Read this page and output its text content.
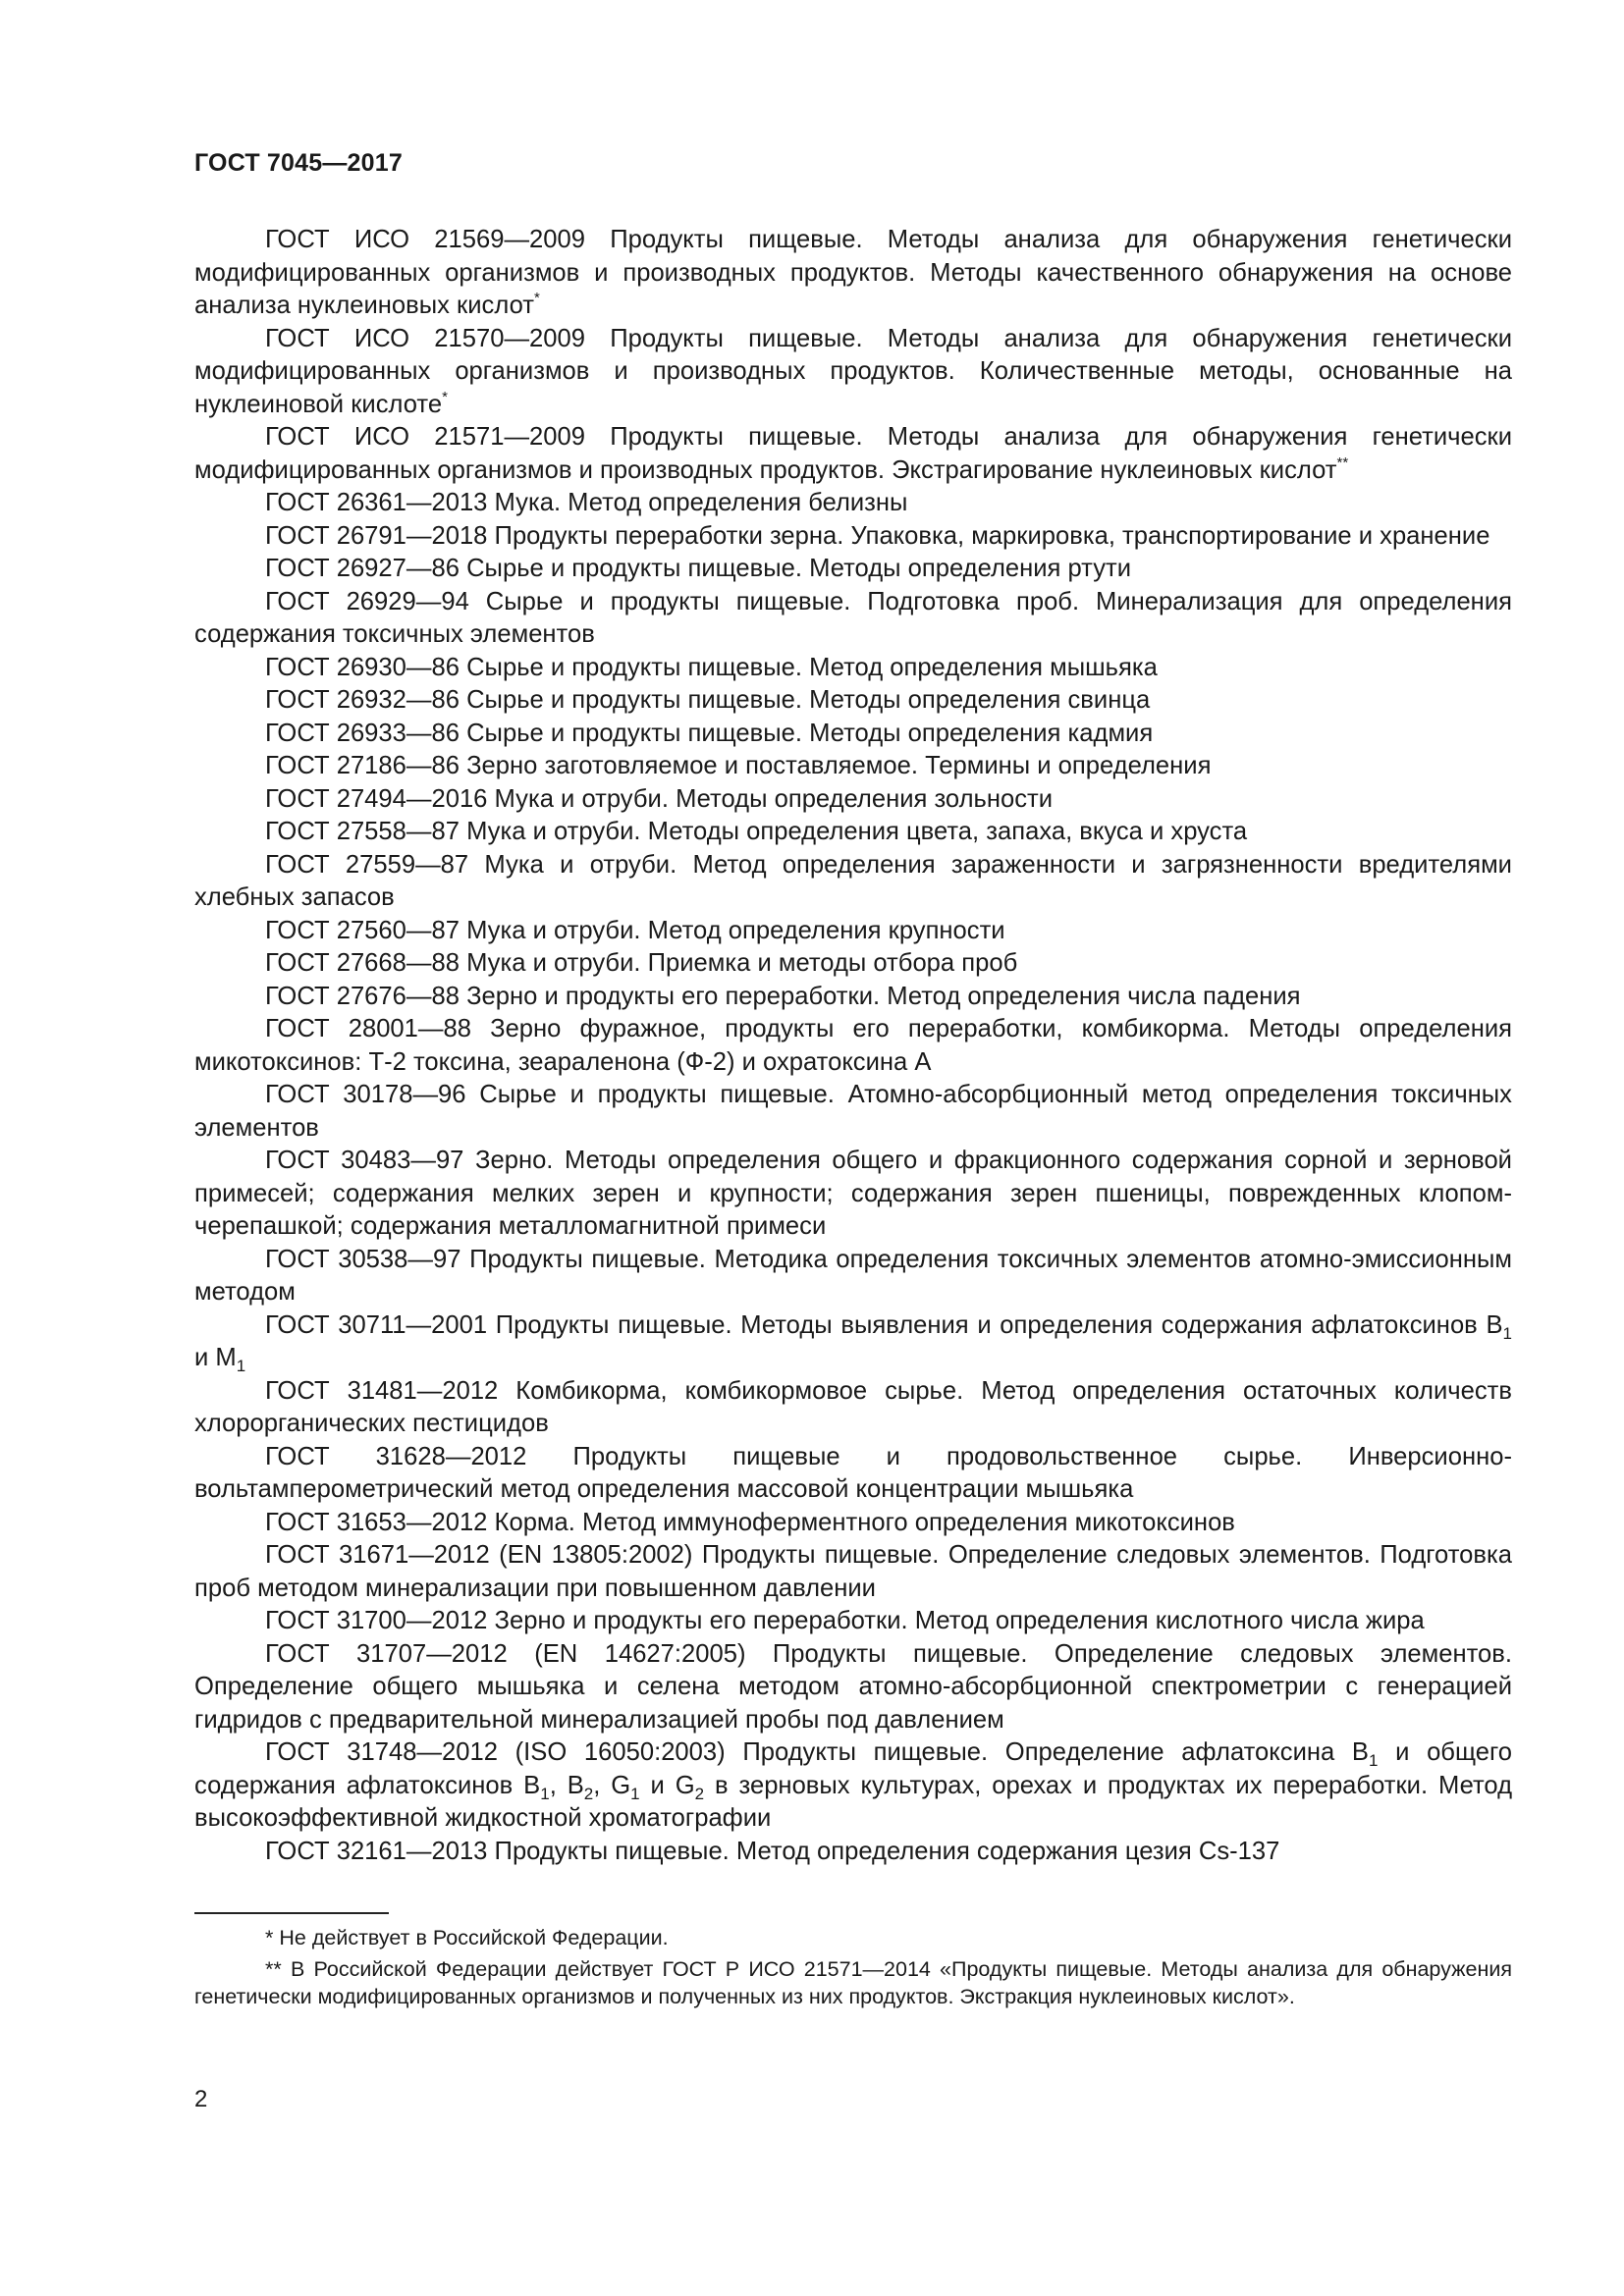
ГОСТ 7045—2017

ГОСТ ИСО 21569—2009 Продукты пищевые. Методы анализа для обнаружения генетически модифицированных организмов и производных продуктов. Методы качественного обнаружения на основе анализа нуклеиновых кислот*

ГОСТ ИСО 21570—2009 Продукты пищевые. Методы анализа для обнаружения генетически модифицированных организмов и производных продуктов. Количественные методы, основанные на нуклеиновой кислоте*

ГОСТ ИСО 21571—2009 Продукты пищевые. Методы анализа для обнаружения генетически модифицированных организмов и производных продуктов. Экстрагирование нуклеиновых кислот**

ГОСТ 26361—2013 Мука. Метод определения белизны

ГОСТ 26791—2018 Продукты переработки зерна. Упаковка, маркировка, транспортирование и хранение

ГОСТ 26927—86 Сырье и продукты пищевые. Методы определения ртути

ГОСТ 26929—94 Сырье и продукты пищевые. Подготовка проб. Минерализация для определения содержания токсичных элементов

ГОСТ 26930—86 Сырье и продукты пищевые. Метод определения мышьяка

ГОСТ 26932—86 Сырье и продукты пищевые. Методы определения свинца

ГОСТ 26933—86 Сырье и продукты пищевые. Методы определения кадмия

ГОСТ 27186—86 Зерно заготовляемое и поставляемое. Термины и определения

ГОСТ 27494—2016 Мука и отруби. Методы определения зольности

ГОСТ 27558—87 Мука и отруби. Методы определения цвета, запаха, вкуса и хруста

ГОСТ 27559—87 Мука и отруби. Метод определения зараженности и загрязненности вредителями хлебных запасов

ГОСТ 27560—87 Мука и отруби. Метод определения крупности

ГОСТ 27668—88 Мука и отруби. Приемка и методы отбора проб

ГОСТ 27676—88 Зерно и продукты его переработки. Метод определения числа падения

ГОСТ 28001—88 Зерно фуражное, продукты его переработки, комбикорма. Методы определения микотоксинов: Т-2 токсина, зеараленона (Ф-2) и охратоксина А

ГОСТ 30178—96 Сырье и продукты пищевые. Атомно-абсорбционный метод определения токсичных элементов

ГОСТ 30483—97 Зерно. Методы определения общего и фракционного содержания сорной и зерновой примесей; содержания мелких зерен и крупности; содержания зерен пшеницы, поврежденных клопом-черепашкой; содержания металломагнитной примеси

ГОСТ 30538—97 Продукты пищевые. Методика определения токсичных элементов атомно-эмиссионным методом

ГОСТ 30711—2001 Продукты пищевые. Методы выявления и определения содержания афлатоксинов $В_1$ и $М_1$

ГОСТ 31481—2012 Комбикорма, комбикормовое сырье. Метод определения остаточных количеств хлорорганических пестицидов

ГОСТ 31628—2012 Продукты пищевые и продовольственное сырье. Инверсионно-вольтамперометрический метод определения массовой концентрации мышьяка

ГОСТ 31653—2012 Корма. Метод иммуноферментного определения микотоксинов

ГОСТ 31671—2012 (EN 13805:2002) Продукты пищевые. Определение следовых элементов. Подготовка проб методом минерализации при повышенном давлении

ГОСТ 31700—2012 Зерно и продукты его переработки. Метод определения кислотного числа жира

ГОСТ 31707—2012 (EN 14627:2005) Продукты пищевые. Определение следовых элементов. Определение общего мышьяка и селена методом атомно-абсорбционной спектрометрии с генерацией гидридов с предварительной минерализацией пробы под давлением

ГОСТ 31748—2012 (ISO 16050:2003) Продукты пищевые. Определение афлатоксина $В_1$ и общего содержания афлатоксинов $В_1$, $В_2$, $G_1$ и $G_2$ в зерновых культурах, орехах и продуктах их переработки. Метод высокоэффективной жидкостной хроматографии

ГОСТ 32161—2013 Продукты пищевые. Метод определения содержания цезия Cs-137

* Не действует в Российской Федерации.

** В Российской Федерации действует ГОСТ Р ИСО 21571—2014 «Продукты пищевые. Методы анализа для обнаружения генетически модифицированных организмов и полученных из них продуктов. Экстракция нуклеиновых кислот».

2
